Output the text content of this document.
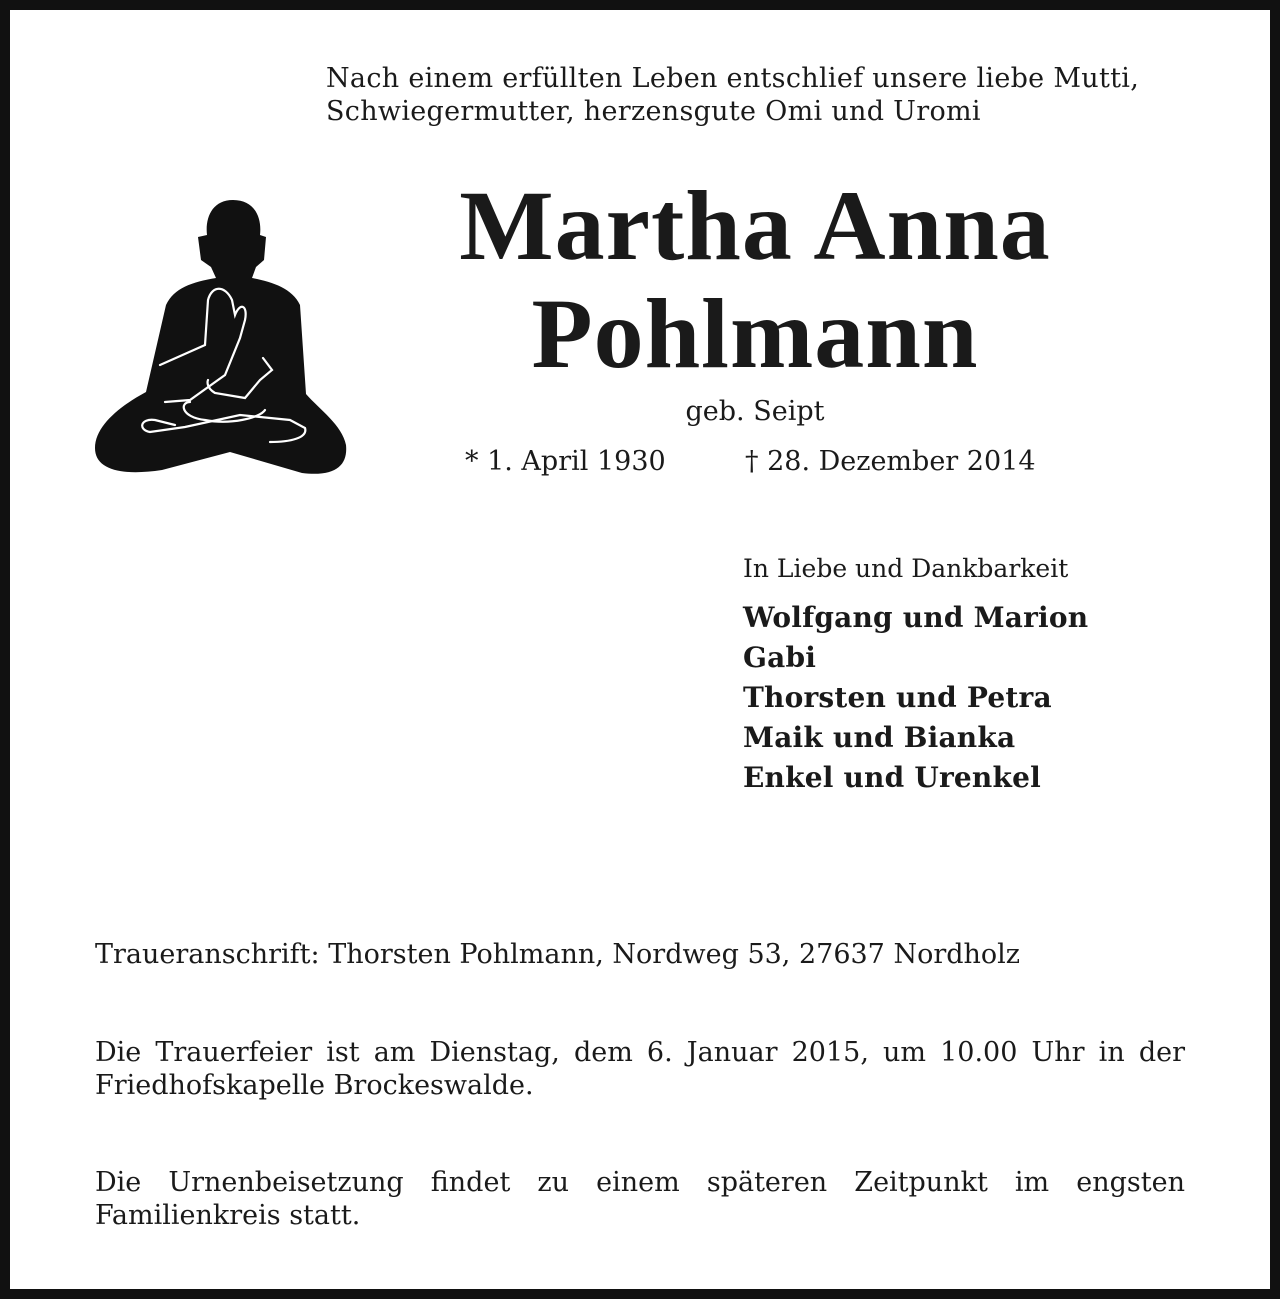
Nach einem erfüllten Leben entschlief unsere liebe Mutti,
Schwiegermutter, herzensgute Omi und Uromi
Martha Anna
Pohlmann
geb. Seipt
* 1. April 1930	† 28. Dezember 2014
In Liebe und Dankbarkeit
Wolfgang und Marion
Gabi
Thorsten und Petra
Maik und Bianka
Enkel und Urenkel
Traueranschrift: Thorsten Pohlmann, Nordweg 53, 27637 Nordholz
Die Trauerfeier ist am Dienstag, dem 6. Januar 2015, um 10.00 Uhr in der Friedhofskapelle Brockeswalde.
Die Urnenbeisetzung findet zu einem späteren Zeitpunkt im engsten Familienkreis statt.
